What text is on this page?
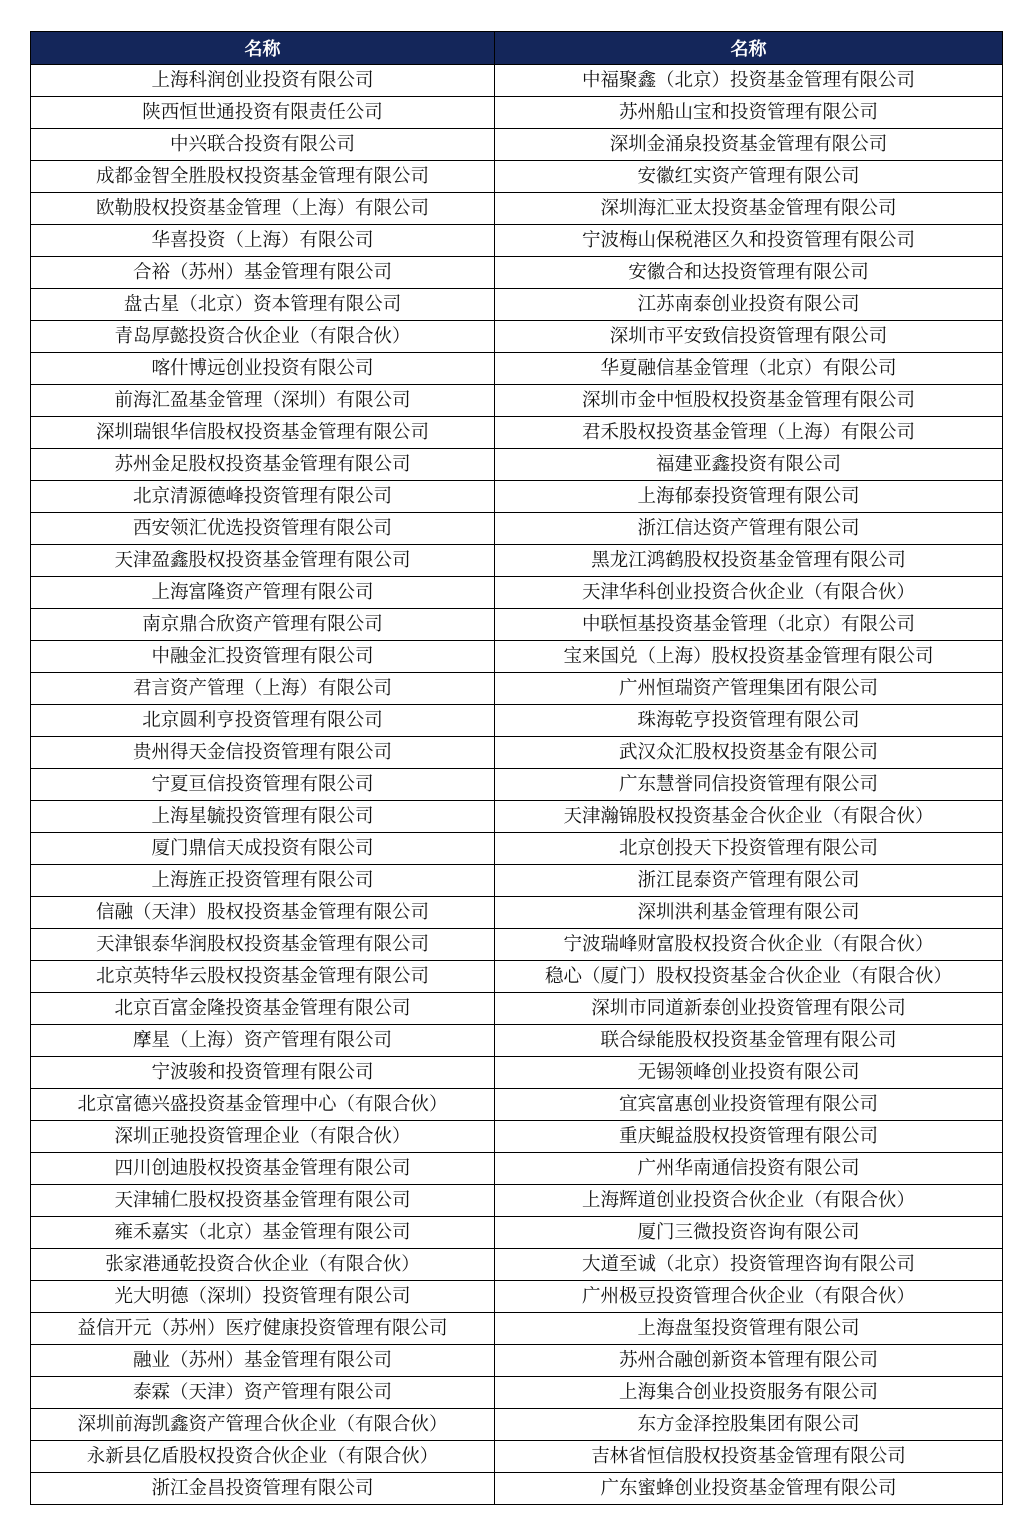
名称	名称
上海科润创业投资有限公司	中福聚鑫（北京）投资基金管理有限公司
陕西恒世通投资有限责任公司	苏州船山宝和投资管理有限公司
中兴联合投资有限公司	深圳金涌泉投资基金管理有限公司
成都金智全胜股权投资基金管理有限公司	安徽红实资产管理有限公司
欧勒股权投资基金管理（上海）有限公司	深圳海汇亚太投资基金管理有限公司
华喜投资（上海）有限公司	宁波梅山保税港区久和投资管理有限公司
合裕（苏州）基金管理有限公司	安徽合和达投资管理有限公司
盘古星（北京）资本管理有限公司	江苏南泰创业投资有限公司
青岛厚懿投资合伙企业（有限合伙）	深圳市平安致信投资管理有限公司
喀什博远创业投资有限公司	华夏融信基金管理（北京）有限公司
前海汇盈基金管理（深圳）有限公司	深圳市金中恒股权投资基金管理有限公司
深圳瑞银华信股权投资基金管理有限公司	君禾股权投资基金管理（上海）有限公司
苏州金足股权投资基金管理有限公司	福建亚鑫投资有限公司
北京清源德峰投资管理有限公司	上海郁泰投资管理有限公司
西安领汇优选投资管理有限公司	浙江信达资产管理有限公司
天津盈鑫股权投资基金管理有限公司	黑龙江鸿鹤股权投资基金管理有限公司
上海富隆资产管理有限公司	天津华科创业投资合伙企业（有限合伙）
南京鼎合欣资产管理有限公司	中联恒基投资基金管理（北京）有限公司
中融金汇投资管理有限公司	宝来国兑（上海）股权投资基金管理有限公司
君言资产管理（上海）有限公司	广州恒瑞资产管理集团有限公司
北京圆利亨投资管理有限公司	珠海乾亨投资管理有限公司
贵州得天金信投资管理有限公司	武汉众汇股权投资基金有限公司
宁夏亘信投资管理有限公司	广东慧誉同信投资管理有限公司
上海星毓投资管理有限公司	天津瀚锦股权投资基金合伙企业（有限合伙）
厦门鼎信天成投资有限公司	北京创投天下投资管理有限公司
上海旌正投资管理有限公司	浙江昆泰资产管理有限公司
信融（天津）股权投资基金管理有限公司	深圳洪利基金管理有限公司
天津银泰华润股权投资基金管理有限公司	宁波瑞峰财富股权投资合伙企业（有限合伙）
北京英特华云股权投资基金管理有限公司	稳心（厦门）股权投资基金合伙企业（有限合伙）
北京百富金隆投资基金管理有限公司	深圳市同道新泰创业投资管理有限公司
摩星（上海）资产管理有限公司	联合绿能股权投资基金管理有限公司
宁波骏和投资管理有限公司	无锡领峰创业投资有限公司
北京富德兴盛投资基金管理中心（有限合伙）	宜宾富惠创业投资管理有限公司
深圳正驰投资管理企业（有限合伙）	重庆鲲益股权投资管理有限公司
四川创迪股权投资基金管理有限公司	广州华南通信投资有限公司
天津辅仁股权投资基金管理有限公司	上海辉道创业投资合伙企业（有限合伙）
雍禾嘉实（北京）基金管理有限公司	厦门三微投资咨询有限公司
张家港通乾投资合伙企业（有限合伙）	大道至诚（北京）投资管理咨询有限公司
光大明德（深圳）投资管理有限公司	广州极豆投资管理合伙企业（有限合伙）
益信开元（苏州）医疗健康投资管理有限公司	上海盘玺投资管理有限公司
融业（苏州）基金管理有限公司	苏州合融创新资本管理有限公司
泰霖（天津）资产管理有限公司	上海集合创业投资服务有限公司
深圳前海凯鑫资产管理合伙企业（有限合伙）	东方金泽控股集团有限公司
永新县亿盾股权投资合伙企业（有限合伙）	吉林省恒信股权投资基金管理有限公司
浙江金昌投资管理有限公司	广东蜜蜂创业投资基金管理有限公司
